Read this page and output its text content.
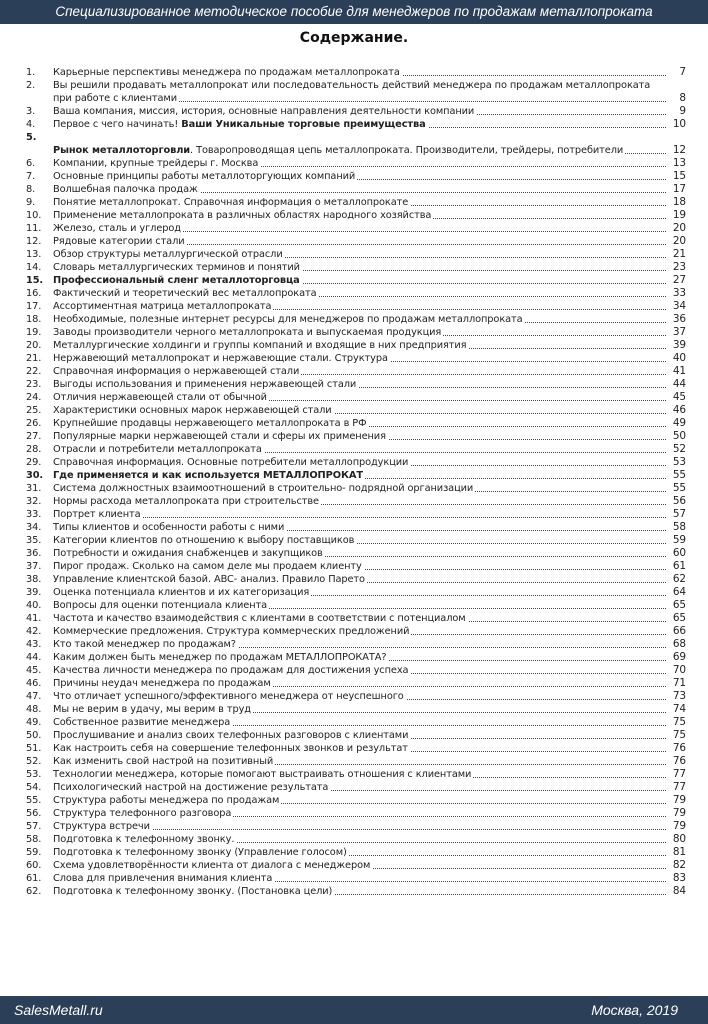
Специализированное методическое пособие для менеджеров по продажам металлопроката
Содержание.
1.	Карьерные перспективы менеджера по продажам металлопроката	7
2.	Вы решили продавать металлопрокат или последовательность действий менеджера по продажам металлопроката при работе с клиентами	8
3.	Ваша компания, миссия, история, основные направления деятельности компании	9
4.	Первое с чего начинать! Ваши Уникальные торговые преимущества	10
5.
Рынок металлоторговли. Товаропроводящая цепь металлопроката. Производители, трейдеры, потребители	12
6.	Компании, крупные трейдеры г. Москва	13
7.	Основные принципы работы металлоторгующих компаний	15
8.	Волшебная палочка продаж	17
9.	Понятие металлопрокат. Справочная информация о металлопрокате	18
10.	Применение металлопроката в различных областях народного хозяйства	19
11.	Железо, сталь и углерод	20
12.	Рядовые категории стали	20
13.	Обзор структуры металлургической отрасли	21
14.	Словарь металлургических терминов и понятий	23
15.	Профессиональный сленг металлоторговца	27
16.	Фактический и теоретический вес металлопроката	33
17.	Ассортиментная матрица металлопроката	34
18.	Необходимые, полезные интернет ресурсы для менеджеров по продажам металлопроката	36
19.	Заводы производители черного металлопроката и выпускаемая продукция	37
20.	Металлургические холдинги и группы компаний и входящие в них предприятия	39
21.	Нержавеющий металлопрокат и нержавеющие стали. Структура	40
22.	Справочная информация о нержавеющей стали	41
23.	Выгоды использования и применения нержавеющей стали	44
24.	Отличия нержавеющей стали от обычной	45
25.	Характеристики основных марок нержавеющей стали	46
26.	Крупнейшие продавцы нержавеющего металлопроката в РФ	49
27.	Популярные марки нержавеющей стали и сферы их применения	50
28.	Отрасли и потребители металлопроката	52
29.	Справочная информация. Основные потребители металлопродукции	53
30.	Где применяется и как используется МЕТАЛЛОПРОКАТ	55
31.	Система должностных взаимоотношений в строительно- подрядной организации	55
32.	Нормы расхода металлопроката при строительстве	56
33.	Портрет клиента	57
34.	Типы клиентов и особенности работы с ними	58
35.	Категории клиентов по отношению к выбору поставщиков	59
36.	Потребности и ожидания снабженцев и закупщиков	60
37.	Пирог продаж. Сколько на самом деле мы продаем клиенту	61
38.	Управление клиентской базой. ABC- анализ. Правило Парето	62
39.	Оценка потенциала клиентов и их категоризация	64
40.	Вопросы для оценки потенциала клиента	65
41.	Частота и качество взаимодействия с клиентами в соответствии с потенциалом	65
42.	Коммерческие предложения. Структура коммерческих предложений	66
43.	Кто такой менеджер по продажам?	68
44.	Каким должен быть менеджер по продажам МЕТАЛЛОПРОКАТА?	69
45.	Качества личности менеджера по продажам для достижения успеха	70
46.	Причины неудач менеджера по продажам	71
47.	Что отличает успешного/эффективного менеджера от неуспешного	73
48.	Мы не верим в удачу, мы верим в труд	74
49.	Собственное развитие менеджера	75
50.	Прослушивание и анализ своих телефонных разговоров с клиентами	75
51.	Как настроить себя на совершение телефонных звонков и результат	76
52.	Как изменить свой настрой на позитивный	76
53.	Технологии менеджера, которые помогают выстраивать отношения с клиентами	77
54.	Психологический настрой на достижение результата	77
55.	Структура работы менеджера по продажам	79
56.	Структура телефонного разговора	79
57.	Структура встречи	79
58.	Подготовка к телефонному звонку.	80
59.	Подготовка к телефонному звонку (Управление голосом)	81
60.	Схема удовлетворённости клиента от диалога с менеджером	82
61.	Слова для привлечения внимания клиента	83
62.	Подготовка к телефонному звонку. (Постановка цели)	84
SalesMetall.ru	Москва, 2019
